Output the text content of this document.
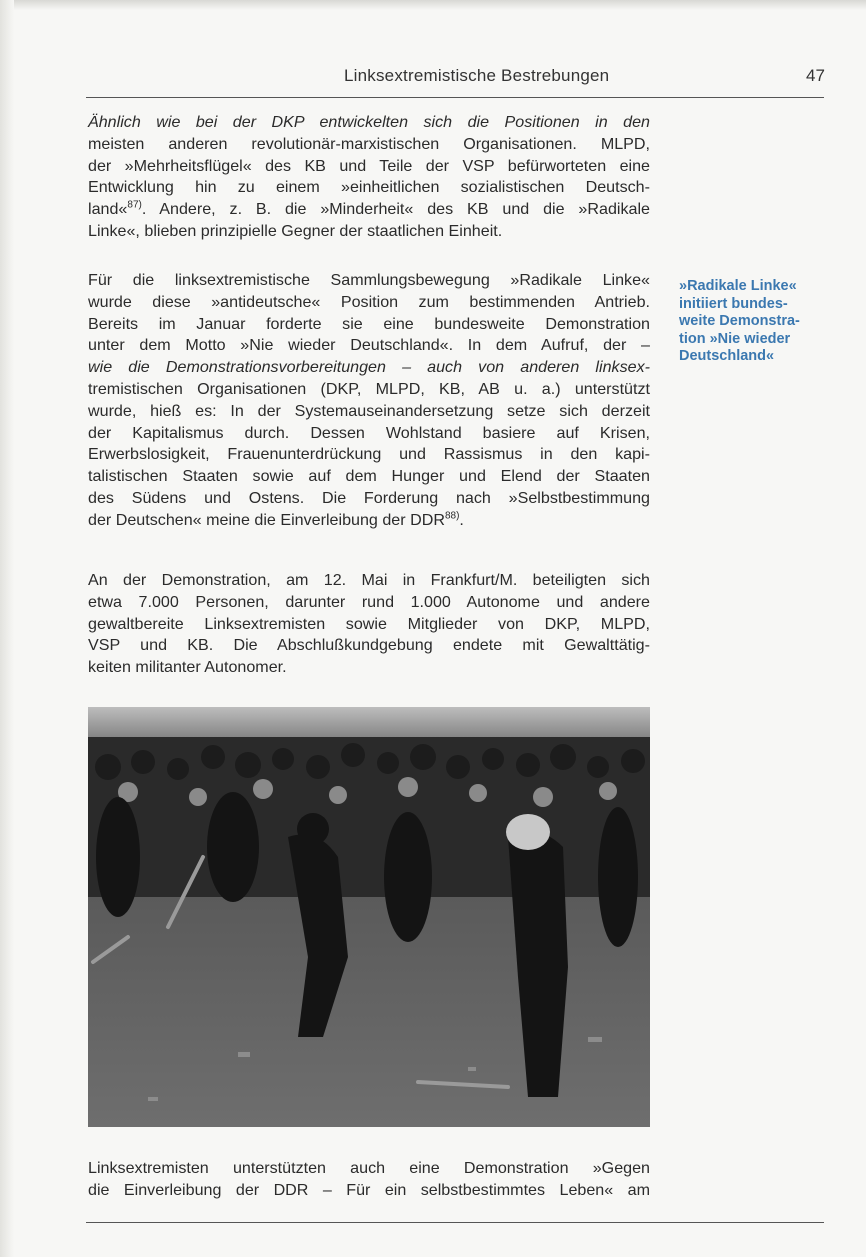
Linksextremistische Bestrebungen	47

Ähnlich wie bei der DKP entwickelten sich die Positionen in den
meisten anderen revolutionär-marxistischen Organisationen. MLPD,
der »Mehrheitsflügel« des KB und Teile der VSP befürworteten eine
Entwicklung hin zu einem »einheitlichen sozialistischen Deutsch-
land«$^{87)}$. Andere, z. B. die »Minderheit« des KB und die »Radikale
Linke«, blieben prinzipielle Gegner der staatlichen Einheit.

Für die linksextremistische Sammlungsbewegung »Radikale Linke«
wurde diese »antideutsche« Position zum bestimmenden Antrieb.
Bereits im Januar forderte sie eine bundesweite Demonstration
unter dem Motto »Nie wieder Deutschland«. In dem Aufruf, der –
wie die Demonstrationsvorbereitungen – auch von anderen linksex-
tremistischen Organisationen (DKP, MLPD, KB, AB u. a.) unterstützt
wurde, hieß es: In der Systemauseinandersetzung setze sich derzeit
der Kapitalismus durch. Dessen Wohlstand basiere auf Krisen,
Erwerbslosigkeit, Frauenunterdrückung und Rassismus in den kapi-
talistischen Staaten sowie auf dem Hunger und Elend der Staaten
des Südens und Ostens. Die Forderung nach »Selbstbestimmung
der Deutschen« meine die Einverleibung der DDR$^{88)}$.

»Radikale Linke«
initiiert bundes-
weite Demonstra-
tion »Nie wieder
Deutschland«

An der Demonstration, am 12. Mai in Frankfurt/M. beteiligten sich
etwa 7.000 Personen, darunter rund 1.000 Autonome und andere
gewaltbereite Linksextremisten sowie Mitglieder von DKP, MLPD,
VSP und KB. Die Abschlußkundgebung endete mit Gewalttätig-
keiten militanter Autonomer.

Linksextremisten unterstützten auch eine Demonstration »Gegen
die Einverleibung der DDR – Für ein selbstbestimmtes Leben« am
